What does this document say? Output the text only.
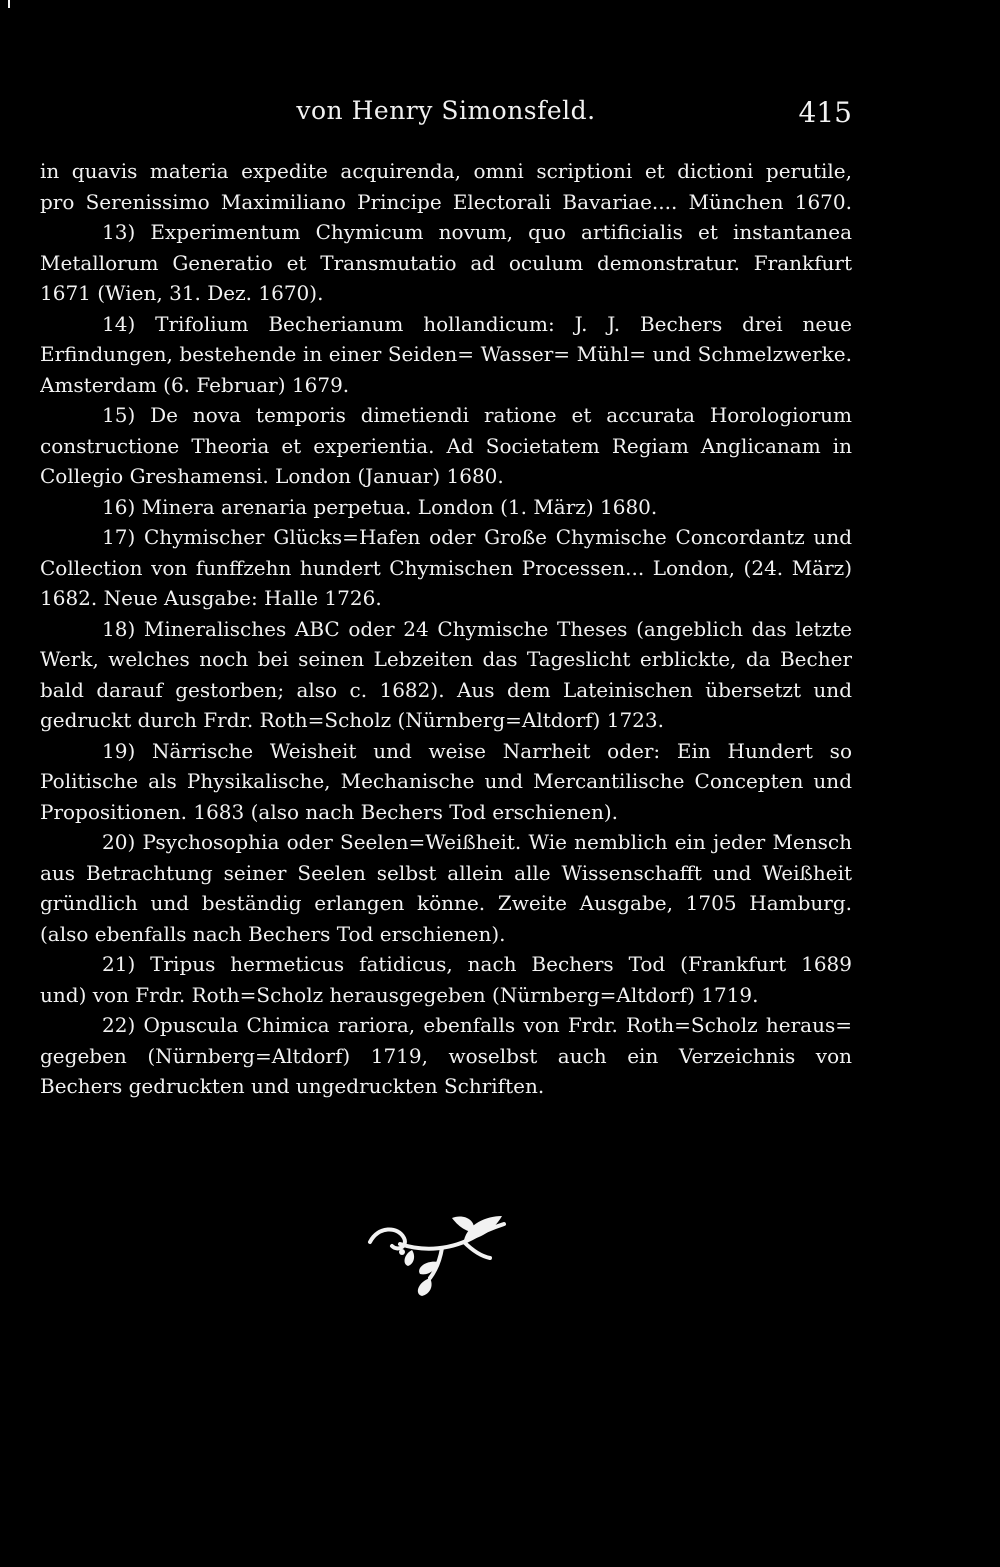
von Henry Simonsfeld.	415
in quavis materia expedite acquirenda, omni scriptioni et dictioni perutile,
pro Serenissimo Maximiliano Principe Electorali Bavariae.... München 1670.
13) Experimentum Chymicum novum, quo artificialis et instantanea
Metallorum Generatio et Transmutatio ad oculum demonstratur. Frankfurt
1671 (Wien, 31. Dez. 1670).
14) Trifolium Becherianum hollandicum: J. J. Bechers drei neue
Erfindungen, bestehende in einer Seiden= Wasser= Mühl= und Schmelzwerke.
Amsterdam (6. Februar) 1679.
15) De nova temporis dimetiendi ratione et accurata Horologiorum
constructione Theoria et experientia. Ad Societatem Regiam Anglicanam in
Collegio Greshamensi. London (Januar) 1680.
16) Minera arenaria perpetua. London (1. März) 1680.
17) Chymischer Glücks=Hafen oder Große Chymische Concordantz und
Collection von funffzehn hundert Chymischen Processen... London, (24. März)
1682. Neue Ausgabe: Halle 1726.
18) Mineralisches ABC oder 24 Chymische Theses (angeblich das letzte
Werk, welches noch bei seinen Lebzeiten das Tageslicht erblickte, da Becher
bald darauf gestorben; also c. 1682). Aus dem Lateinischen übersetzt und
gedruckt durch Frdr. Roth=Scholz (Nürnberg=Altdorf) 1723.
19) Närrische Weisheit und weise Narrheit oder: Ein Hundert so
Politische als Physikalische, Mechanische und Mercantilische Concepten und
Propositionen. 1683 (also nach Bechers Tod erschienen).
20) Psychosophia oder Seelen=Weißheit. Wie nemblich ein jeder Mensch
aus Betrachtung seiner Seelen selbst allein alle Wissenschafft und Weißheit
gründlich und beständig erlangen könne. Zweite Ausgabe, 1705 Hamburg.
(also ebenfalls nach Bechers Tod erschienen).
21) Tripus hermeticus fatidicus, nach Bechers Tod (Frankfurt 1689
und) von Frdr. Roth=Scholz herausgegeben (Nürnberg=Altdorf) 1719.
22) Opuscula Chimica rariora, ebenfalls von Frdr. Roth=Scholz heraus=
gegeben (Nürnberg=Altdorf) 1719, woselbst auch ein Verzeichnis von
Bechers gedruckten und ungedruckten Schriften.
